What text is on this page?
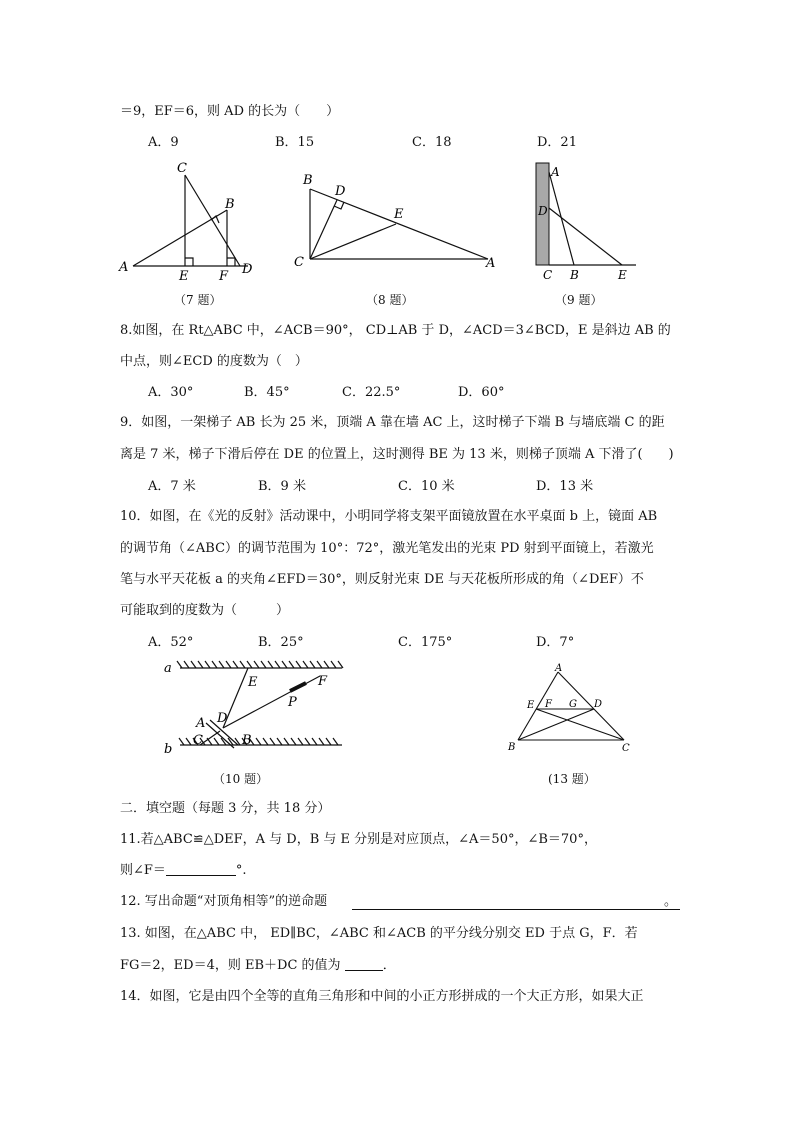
＝9，EF＝6，则 AD 的长为（　　）
A．9	B．15	C．18	D．21
C
B
A
E F D
（7 题）
B
D
E
C	A
（8 题）
A
D
C B	E
（9 题）
8.如图，在 Rt△ABC 中，∠ACB＝90°， CD⊥AB 于 D，∠ACD＝3∠BCD，E 是斜边 AB 的
中点，则∠ECD 的度数为（　）
A．30°	B．45°	C．22.5°	D．60°
9．如图，一架梯子 AB 长为 25 米，顶端 A 靠在墙 AC 上，这时梯子下端 B 与墙底端 C 的距
离是 7 米，梯子下滑后停在 DE 的位置上，这时测得 BE 为 13 米，则梯子顶端 A 下滑了(　　)
A．7 米	B．9 米	C．10 米	D．13 米
10．如图，在《光的反射》活动课中，小明同学将支架平面镜放置在水平桌面 b 上，镜面 AB
的调节角（∠ABC）的调节范围为 10°：72°，激光笔发出的光束 PD 射到平面镜上，若激光
笔与水平天花板 a 的夹角∠EFD＝30°，则反射光束 DE 与天花板所形成的角（∠DEF）不
可能取到的度数为（　　　）
A．52°	B．25°	C．175°	D．7°
a
E	F
P
A D
C	B
b
（10 题）
A
E F G D
B	C
(13 题）
二．填空题（每题 3 分，共 18 分）
11.若△ABC≌△DEF，A 与 D，B 与 E 分别是对应顶点，∠A＝50°，∠B＝70°，
则∠F＝	°.
12. 写出命题“对顶角相等”的逆命题	。
13. 如图，在△ABC 中， ED∥BC，∠ABC 和∠ACB 的平分线分别交 ED 于点 G，F．若
FG＝2，ED＝4，则 EB＋DC 的值为	．
14．如图，它是由四个全等的直角三角形和中间的小正方形拼成的一个大正方形，如果大正
